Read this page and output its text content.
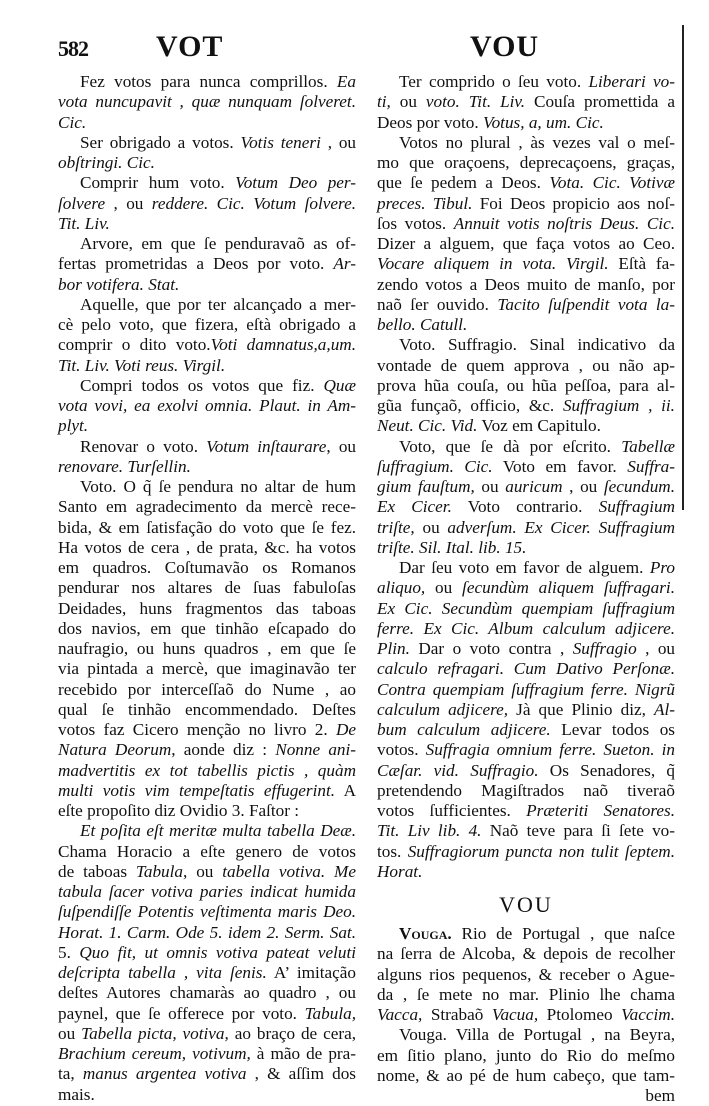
582 VOT	VOU
Fez votos para nunca comprillos. Ea
vota nuncupavit , quæ nunquam ſolveret.
Cic.
Ser obrigado a votos. Votis teneri , ou
obſtringi. Cic.
Comprir hum voto. Votum Deo per-
ſolvere , ou reddere. Cic. Votum ſolvere.
Tit. Liv.
Arvore, em que ſe penduravaõ as of-
fertas prometridas a Deos por voto. Ar-
bor votifera. Stat.
Aquelle, que por ter alcançado a mer-
cè pelo voto, que fizera, eſtà obrigado a
comprir o dito voto.Voti damnatus,a,um.
Tit. Liv. Voti reus. Virgil.
Compri todos os votos que fiz. Quæ
vota vovi, ea exolvi omnia. Plaut. in Am-
plyt.
Renovar o voto. Votum inſtaurare, ou
renovare. Turſellin.
Voto. O q̃ ſe pendura no altar de hum
Santo em agradecimento da mercè rece-
bida, & em ſatisfação do voto que ſe fez.
Ha votos de cera , de prata, &c. ha votos
em quadros. Coſtumavão os Romanos
pendurar nos altares de ſuas fabuloſas
Deidades, huns fragmentos das taboas
dos navios, em que tinhão eſcapado do
naufragio, ou huns quadros , em que ſe
via pintada a mercè, que imaginavão ter
recebido por interceſſaõ do Nume , ao
qual ſe tinhão encommendado. Deſtes
votos faz Cicero menção no livro 2. De
Natura Deorum, aonde diz : Nonne ani-
madvertitis ex tot tabellis pictis , quàm
multi votis vim tempeſtatis effugerint. A
eſte propoſito diz Ovidio 3. Faſtor :
Et poſita eſt meritæ multa tabella Deæ.
Chama Horacio a eſte genero de votos
de taboas Tabula, ou tabella votiva. Me
tabula ſacer votiva paries indicat humida
ſuſpendiſſe Potentis veſtimenta maris Deo.
Horat. 1. Carm. Ode 5. idem 2. Serm. Sat.
5. Quo fit, ut omnis votiva pateat veluti
deſcripta tabella , vita ſenis. A’ imitação
deſtes Autores chamaràs ao quadro , ou
paynel, que ſe offerece por voto. Tabula,
ou Tabella picta, votiva, ao braço de cera,
Brachium cereum, votivum, à mão de pra-
ta, manus argentea votiva , & aſſim dos
mais.
Ter comprido o ſeu voto. Liberari vo-
ti, ou voto. Tit. Liv. Couſa promettida a
Deos por voto. Votus, a, um. Cic.
Votos no plural , às vezes val o meſ-
mo que oraçoens, deprecaçoens, graças,
que ſe pedem a Deos. Vota. Cic. Votivæ
preces. Tibul. Foi Deos propicio aos noſ-
ſos votos. Annuit votis noſtris Deus. Cic.
Dizer a alguem, que faça votos ao Ceo.
Vocare aliquem in vota. Virgil. Eſtà fa-
zendo votos a Deos muito de manſo, por
naõ ſer ouvido. Tacito ſuſpendit vota la-
bello. Catull.
Voto. Suffragio. Sinal indicativo da
vontade de quem approva , ou não ap-
prova hũa couſa, ou hũa peſſoa, para al-
gũa funçaõ, officio, &c. Suffragium , ii.
Neut. Cic. Vid. Voz em Capitulo.
Voto, que ſe dà por eſcrito. Tabellæ
ſuffragium. Cic. Voto em favor. Suffra-
gium fauſtum, ou auricum , ou ſecundum.
Ex Cicer. Voto contrario. Suffragium
triſte, ou adverſum. Ex Cicer. Suffragium
triſte. Sil. Ital. lib. 15.
Dar ſeu voto em favor de alguem. Pro
aliquo, ou ſecundùm aliquem ſuffragari.
Ex Cic. Secundùm quempiam ſuffragium
ferre. Ex Cic. Album calculum adjicere.
Plin. Dar o voto contra , Suffragio , ou
calculo refragari. Cum Dativo Perſonæ.
Contra quempiam ſuffragium ferre. Nigrũ
calculum adjicere, Jà que Plinio diz, Al-
bum calculum adjicere. Levar todos os
votos. Suffragia omnium ferre. Sueton. in
Cæſar. vid. Suffragio. Os Senadores, q̃
pretendendo Magiſtrados naõ tiveraõ
votos ſufficientes. Præteriti Senatores.
Tit. Liv lib. 4. Naõ teve para ſi ſete vo-
tos. Suffragiorum puncta non tulit ſeptem.
Horat.
VOU
Vouga. Rio de Portugal , que naſce
na ſerra de Alcoba, & depois de recolher
alguns rios pequenos, & receber o Ague-
da , ſe mete no mar. Plinio lhe chama
Vacca, Strabaõ Vacua, Ptolomeo Vaccim.
Vouga. Villa de Portugal , na Beyra,
em ſitio plano, junto do Rio do meſmo
nome, & ao pé de hum cabeço, que tam-
bem
